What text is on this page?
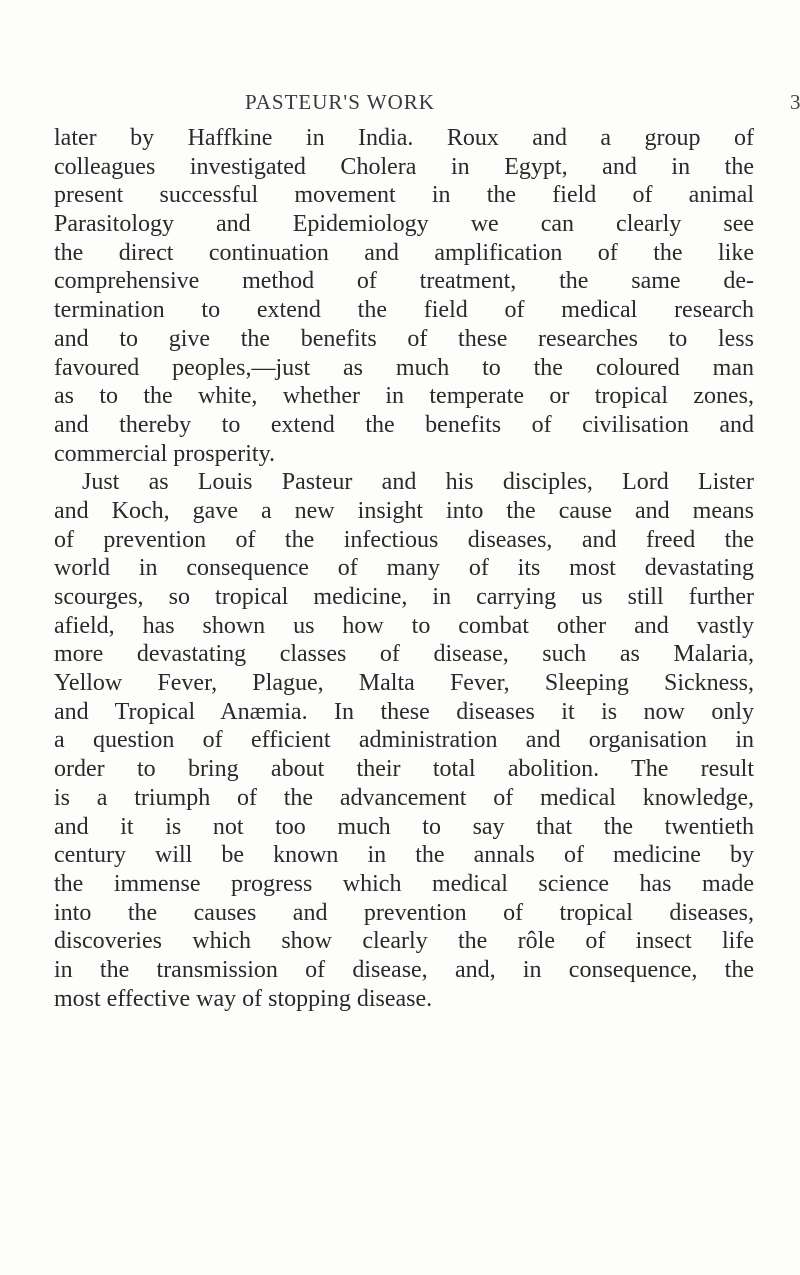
PASTEUR'S WORK	3
later by Haffkine in India. Roux and a group of
colleagues investigated Cholera in Egypt, and in the
present successful movement in the field of animal
Parasitology and Epidemiology we can clearly see
the direct continuation and amplification of the like
comprehensive method of treatment, the same de-
termination to extend the field of medical research
and to give the benefits of these researches to less
favoured peoples,—just as much to the coloured man
as to the white, whether in temperate or tropical zones,
and thereby to extend the benefits of civilisation and
commercial prosperity.
Just as Louis Pasteur and his disciples, Lord Lister
and Koch, gave a new insight into the cause and means
of prevention of the infectious diseases, and freed the
world in consequence of many of its most devastating
scourges, so tropical medicine, in carrying us still further
afield, has shown us how to combat other and vastly
more devastating classes of disease, such as Malaria,
Yellow Fever, Plague, Malta Fever, Sleeping Sickness,
and Tropical Anæmia. In these diseases it is now only
a question of efficient administration and organisation in
order to bring about their total abolition. The result
is a triumph of the advancement of medical knowledge,
and it is not too much to say that the twentieth
century will be known in the annals of medicine by
the immense progress which medical science has made
into the causes and prevention of tropical diseases,
discoveries which show clearly the rôle of insect life
in the transmission of disease, and, in consequence, the
most effective way of stopping disease.
